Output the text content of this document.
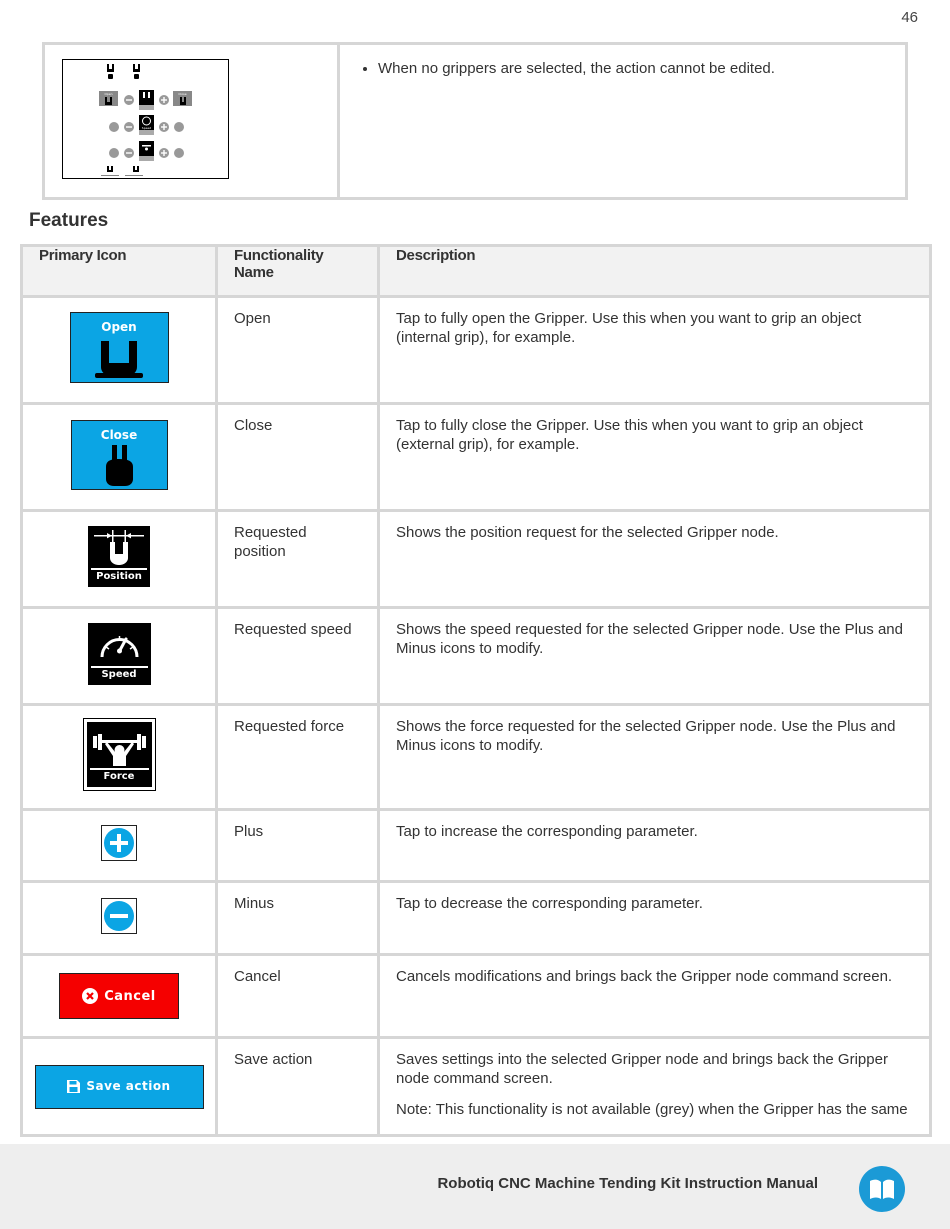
46
Open	Close
Speed

• When no grippers are selected, the action cannot be edited.
Features
Primary Icon	Functionality Name	Description

Open	Open	Tap to fully open the Gripper. Use this when you want to grip an object (internal grip), for example.

Close	Close	Tap to fully close the Gripper. Use this when you want to grip an object (external grip), for example.

Position	Requested position	Shows the position request for the selected Gripper node.

Speed	Requested speed	Shows the speed requested for the selected Gripper node. Use the Plus and Minus icons to modify.

Force	Requested force	Shows the force requested for the selected Gripper node. Use the Plus and Minus icons to modify.

	Plus	Tap to increase the corresponding parameter.

	Minus	Tap to decrease the corresponding parameter.

Cancel	Cancel	Cancels modifications and brings back the Gripper node command screen.

Save action	Save action	Saves settings into the selected Gripper node and brings back the Gripper node command screen.

Note: This functionality is not available (grey) when the Gripper has the same

Robotiq CNC Machine Tending Kit Instruction Manual
